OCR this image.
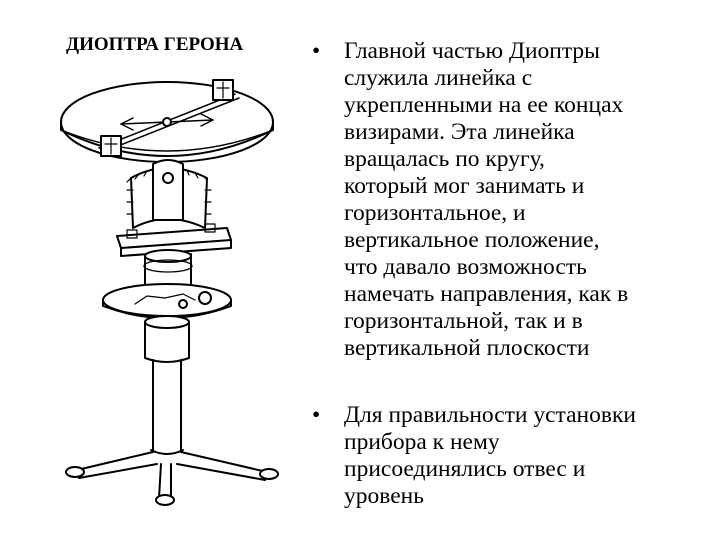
ДИОПТРА ГЕРОНА	• Главной частью Диоптры
служила линейка с
укрепленными на ее концах
визирами. Эта линейка
вращалась по кругу,
который мог занимать и
горизонтальное, и
вертикальное положение,
что давало возможность
намечать направления, как в
горизонтальной, так и в
вертикальной плоскости
• Для правильности установки
прибора к нему
присоединялись отвес и
уровень
